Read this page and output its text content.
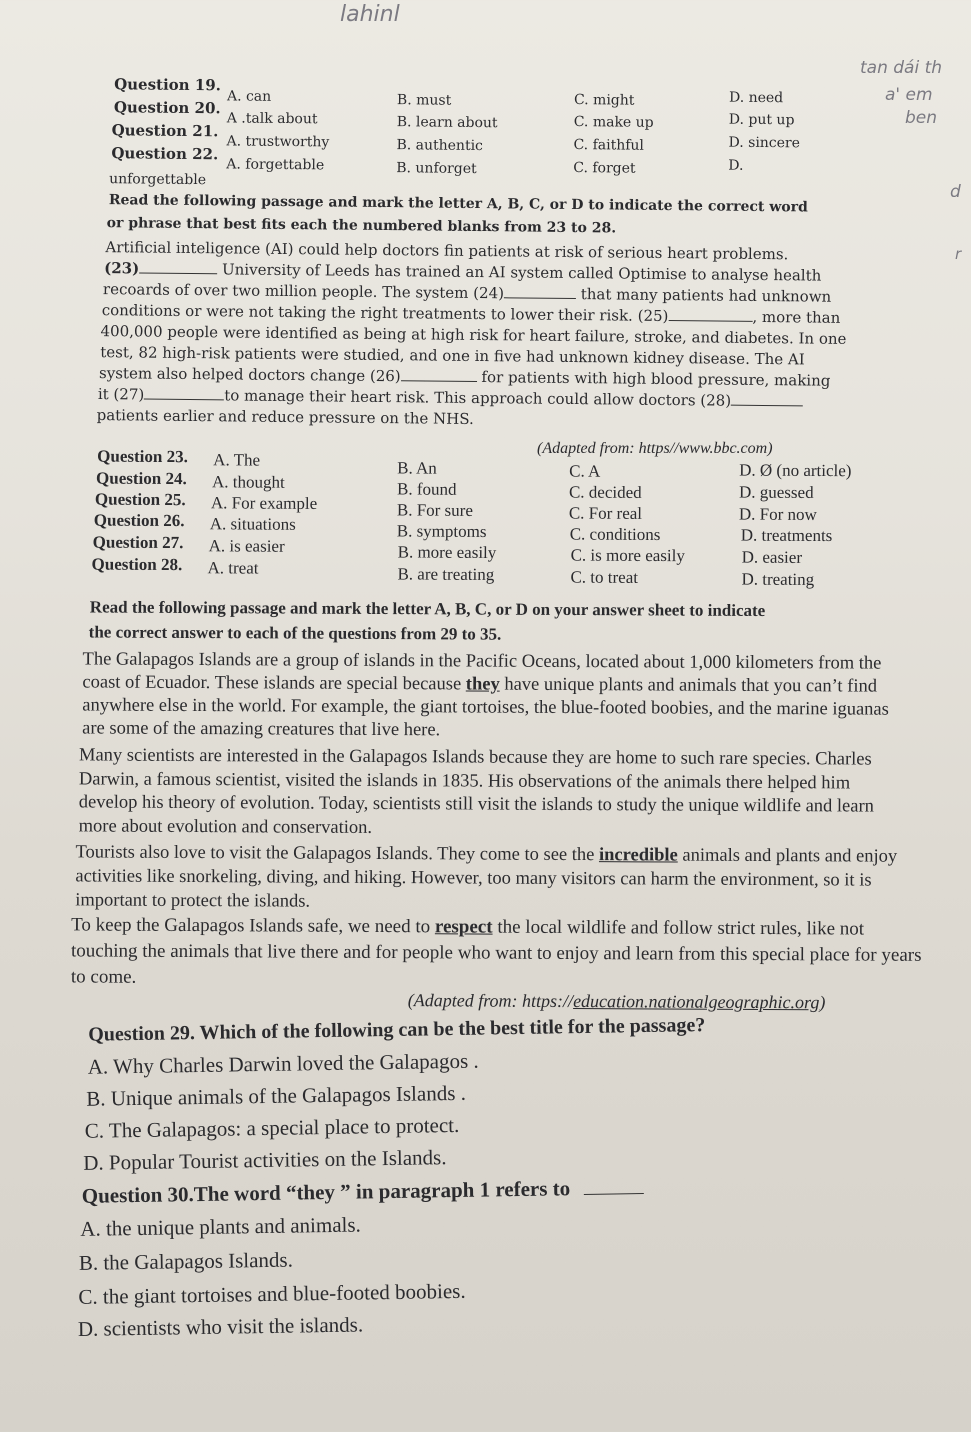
lahinl
tan dái th
a' em
ben
d
r
Question 19.
A. can	B. must	C. might	D. need
Question 20.
A .talk about	B. learn about	C. make up	D. put up
Question 21.
A. trustworthy	B. authentic	C. faithful	D. sincere
Question 22.
A. forgettable	B. unforget	C. forget	D.
unforgettable
Read the following passage and mark the letter A, B, C, or D to indicate the correct word
or phrase that best fits each the numbered blanks from 23 to 28.
Artificial inteligence (AI) could help doctors fin patients at risk of serious heart problems.
(23)	University of Leeds has trained an AI system called Optimise to analyse health
recoards of over two million people. The system (24)	that many patients had unknown
conditions or were not taking the right treatments to lower their risk. (25)	, more than
400,000 people were identified as being at high risk for heart failure, stroke, and diabetes. In one
test, 82 high-risk patients were studied, and one in five had unknown kidney disease. The AI
system also helped doctors change (26)	for patients with high blood pressure, making
it (27)	to manage their heart risk. This approach could allow doctors (28)
patients earlier and reduce pressure on the NHS.
(Adapted from: https//www.bbc.com)
Question 23. A. The	B. An	C. A	D. Ø (no article)
Question 24. A. thought	B. found	C. decided	D. guessed
Question 25. A. For example	B. For sure	C. For real	D. For now
Question 26. A. situations	B. symptoms	C. conditions	D. treatments
Question 27. A. is easier	B. more easily	C. is more easily	D. easier
Question 28. A. treat	B. are treating	C. to treat	D. treating
Read the following passage and mark the letter A, B, C, or D on your answer sheet to indicate
the correct answer to each of the questions from 29 to 35.
The Galapagos Islands are a group of islands in the Pacific Oceans, located about 1,000 kilometers from the coast of Ecuador. These islands are special because they have unique plants and animals that you can’t find anywhere else in the world. For example, the giant tortoises, the blue-footed boobies, and the marine iguanas are some of the amazing creatures that live here.
Many scientists are interested in the Galapagos Islands because they are home to such rare species. Charles Darwin, a famous scientist, visited the islands in 1835. His observations of the animals there helped him develop his theory of evolution. Today, scientists still visit the islands to study the unique wildlife and learn more about evolution and conservation.
Tourists also love to visit the Galapagos Islands. They come to see the incredible animals and plants and enjoy activities like snorkeling, diving, and hiking. However, too many visitors can harm the environment, so it is important to protect the islands.
To keep the Galapagos Islands safe, we need to respect the local wildlife and follow strict rules, like not touching the animals that live there and for people who want to enjoy and learn from this special place for years to come.
(Adapted from: https://education.nationalgeographic.org)
Question 29. Which of the following can be the best title for the passage?
A. Why Charles Darwin loved the Galapagos .
B. Unique animals of the Galapagos Islands .
C. The Galapagos: a special place to protect.
D. Popular Tourist activities on the Islands.
Question 30.The word “they ” in paragraph 1 refers to
A. the unique plants and animals.
B. the Galapagos Islands.
C. the giant tortoises and blue-footed boobies.
D. scientists who visit the islands.
